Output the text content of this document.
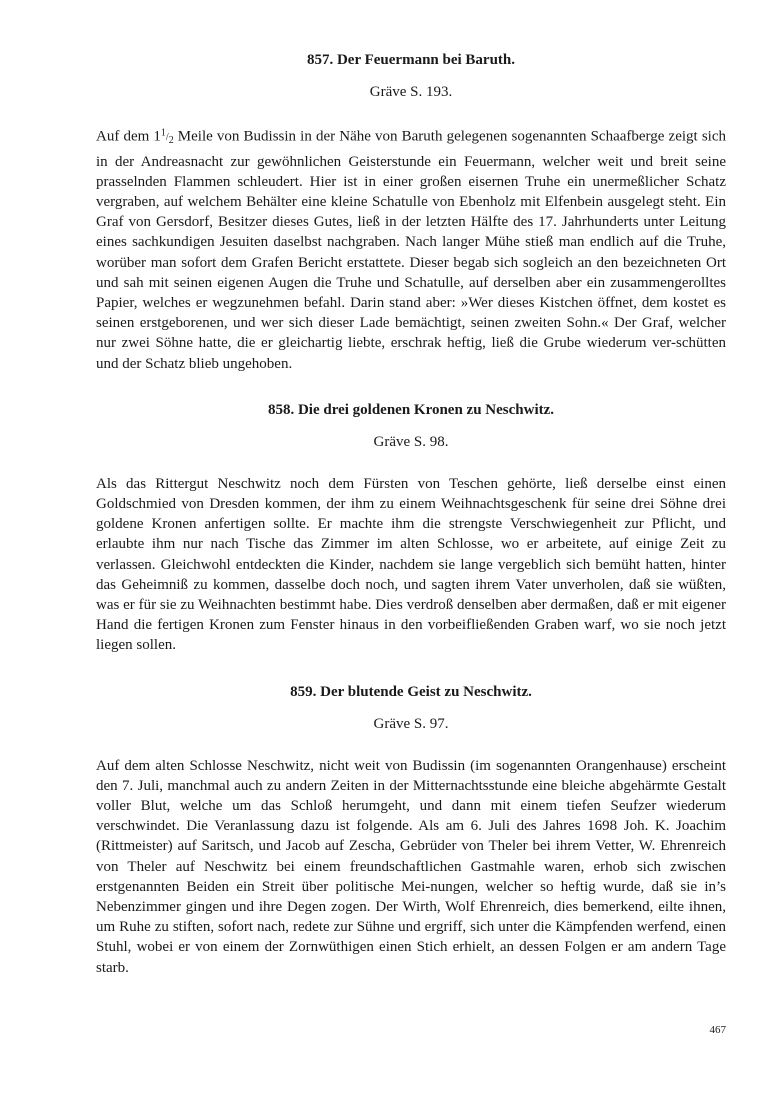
857. Der Feuermann bei Baruth.

Gräve S. 193.

Auf dem $1^1/_2$ Meile von Budissin in der Nähe von Baruth gelegenen sogenannten Schaafberge zeigt sich in der Andreasnacht zur gewöhnlichen Geisterstunde ein Feuermann, welcher weit und breit seine prasselnden Flammen schleudert. Hier ist in einer großen eisernen Truhe ein unermeßlicher Schatz vergraben, auf welchem Behälter eine kleine Schatulle von Ebenholz mit Elfenbein ausgelegt steht. Ein Graf von Gersdorf, Besitzer dieses Gutes, ließ in der letzten Hälfte des 17. Jahrhunderts unter Leitung eines sachkundigen Jesuiten daselbst nachgraben. Nach langer Mühe stieß man endlich auf die Truhe, worüber man sofort dem Grafen Bericht erstattete. Dieser begab sich sogleich an den bezeichneten Ort und sah mit seinen eigenen Augen die Truhe und Schatulle, auf derselben aber ein zusammengerolltes Papier, welches er wegzunehmen befahl. Darin stand aber: »Wer dieses Kistchen öffnet, dem kostet es seinen erstgeborenen, und wer sich dieser Lade bemächtigt, seinen zweiten Sohn.« Der Graf, welcher nur zwei Söhne hatte, die er gleichartig liebte, erschrak heftig, ließ die Grube wiederum ver-schütten und der Schatz blieb ungehoben.

858. Die drei goldenen Kronen zu Neschwitz.

Gräve S. 98.

Als das Rittergut Neschwitz noch dem Fürsten von Teschen gehörte, ließ derselbe einst einen Goldschmied von Dresden kommen, der ihm zu einem Weihnachtsgeschenk für seine drei Söhne drei goldene Kronen anfertigen sollte. Er machte ihm die strengste Verschwiegenheit zur Pflicht, und erlaubte ihm nur nach Tische das Zimmer im alten Schlosse, wo er arbeitete, auf einige Zeit zu verlassen. Gleichwohl entdeckten die Kinder, nachdem sie lange vergeblich sich bemüht hatten, hinter das Geheimniß zu kommen, dasselbe doch noch, und sagten ihrem Vater unverholen, daß sie wüßten, was er für sie zu Weihnachten bestimmt habe. Dies verdroß denselben aber dermaßen, daß er mit eigener Hand die fertigen Kronen zum Fenster hinaus in den vorbeifließenden Graben warf, wo sie noch jetzt liegen sollen.

859. Der blutende Geist zu Neschwitz.

Gräve S. 97.

Auf dem alten Schlosse Neschwitz, nicht weit von Budissin (im sogenannten Orangenhause) erscheint den 7. Juli, manchmal auch zu andern Zeiten in der Mitternachtsstunde eine bleiche abgehärmte Gestalt voller Blut, welche um das Schloß herumgeht, und dann mit einem tiefen Seufzer wiederum verschwindet. Die Veranlassung dazu ist folgende. Als am 6. Juli des Jahres 1698 Joh. K. Joachim (Rittmeister) auf Saritsch, und Jacob auf Zescha, Gebrüder von Theler bei ihrem Vetter, W. Ehrenreich von Theler auf Neschwitz bei einem freundschaftlichen Gastmahle waren, erhob sich zwischen erstgenannten Beiden ein Streit über politische Mei-nungen, welcher so heftig wurde, daß sie in’s Nebenzimmer gingen und ihre Degen zogen. Der Wirth, Wolf Ehrenreich, dies bemerkend, eilte ihnen, um Ruhe zu stiften, sofort nach, redete zur Sühne und ergriff, sich unter die Kämpfenden werfend, einen Stuhl, wobei er von einem der Zornwüthigen einen Stich erhielt, an dessen Folgen er am andern Tage starb.

467
